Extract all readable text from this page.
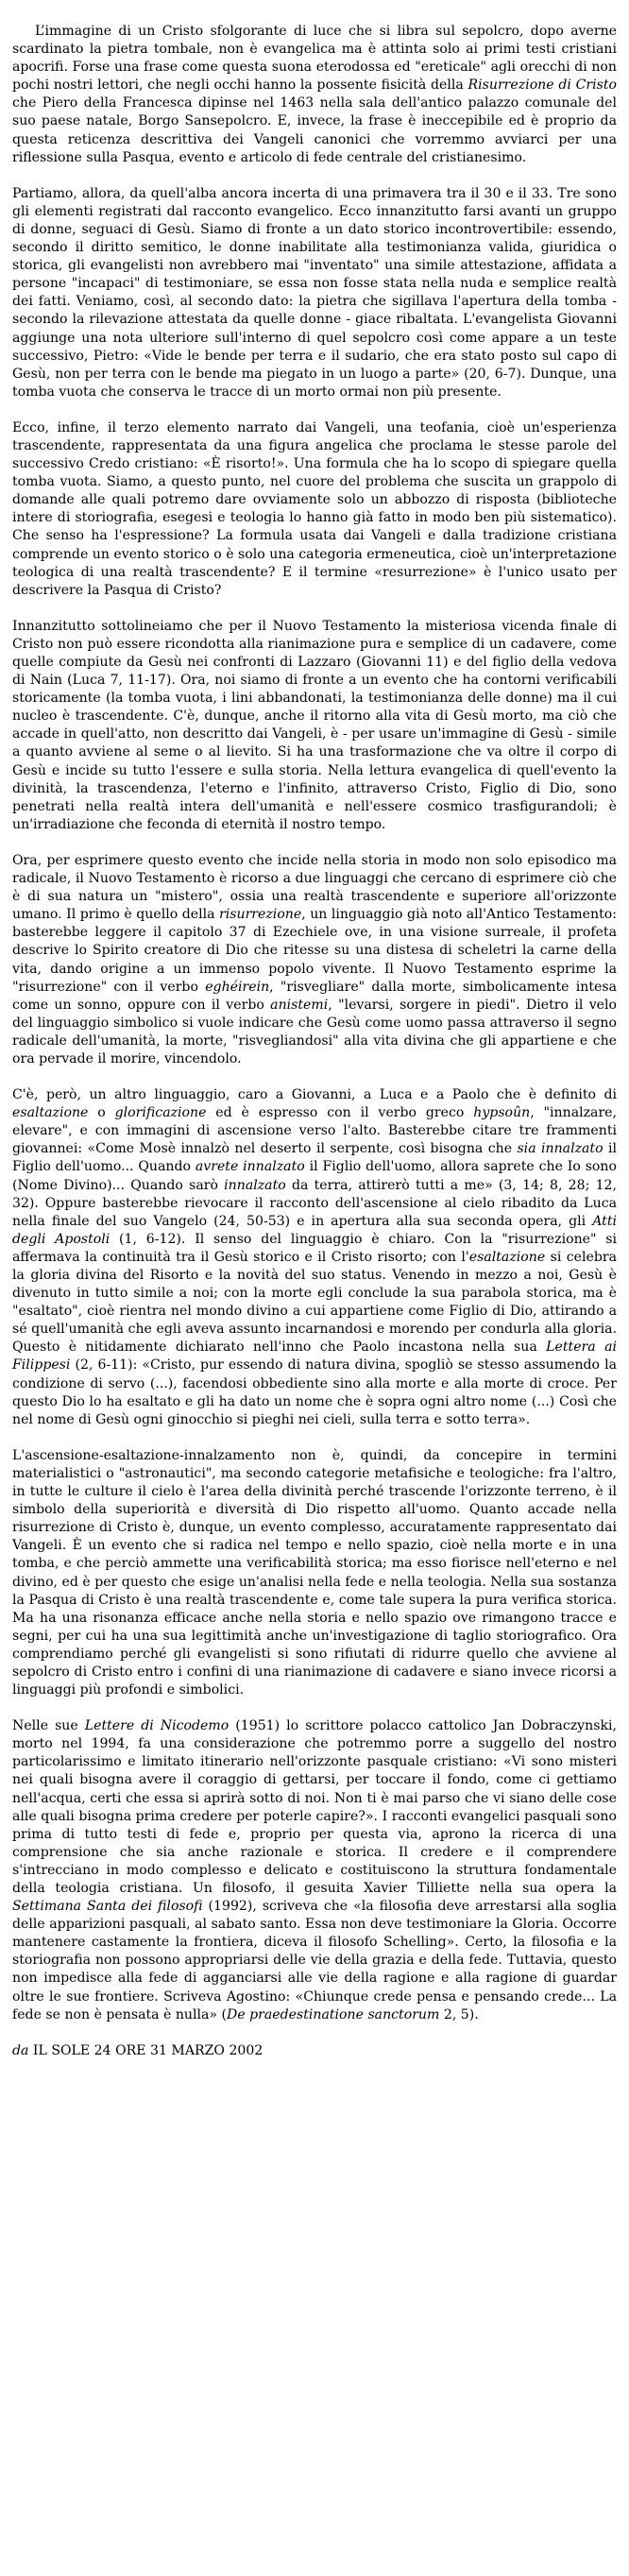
L’immagine di un Cristo sfolgorante di luce che si libra sul sepolcro, dopo averne scardinato la pietra tombale, non è evangelica ma è attinta solo ai primi testi cristiani apocrifi. Forse una frase come questa suona eterodossa ed "ereticale" agli orecchi di non pochi nostri lettori, che negli occhi hanno la possente fisicità della Risurrezione di Cristo che Piero della Francesca dipinse nel 1463 nella sala dell'antico palazzo comunale del suo paese natale, Borgo Sansepolcro. E, invece, la frase è ineccepibile ed è proprio da questa reticenza descrittiva dei Vangeli canonici che vorremmo avviarci per una riflessione sulla Pasqua, evento e articolo di fede centrale del cristianesimo.

Partiamo, allora, da quell'alba ancora incerta di una primavera tra il 30 e il 33. Tre sono gli elementi registrati dal racconto evangelico. Ecco innanzitutto farsi avanti un gruppo di donne, seguaci di Gesù. Siamo di fronte a un dato storico incontrovertibile: essendo, secondo il diritto semitico, le donne inabilitate alla testimonianza valida, giuridica o storica, gli evangelisti non avrebbero mai "inventato" una simile attestazione, affidata a persone "incapaci" di testimoniare, se essa non fosse stata nella nuda e semplice realtà dei fatti. Veniamo, così, al secondo dato: la pietra che sigillava l'apertura della tomba - secondo la rilevazione attestata da quelle donne - giace ribaltata. L'evangelista Giovanni aggiunge una nota ulteriore sull'interno di quel sepolcro così come appare a un teste successivo, Pietro: «Vide le bende per terra e il sudario, che era stato posto sul capo di Gesù, non per terra con le bende ma piegato in un luogo a parte» (20, 6-7). Dunque, una tomba vuota che conserva le tracce di un morto ormai non più presente.

Ecco, infine, il terzo elemento narrato dai Vangeli, una teofania, cioè un'esperienza trascendente, rappresentata da una figura angelica che proclama le stesse parole del successivo Credo cristiano: «È risorto!». Una formula che ha lo scopo di spiegare quella tomba vuota. Siamo, a questo punto, nel cuore del problema che suscita un grappolo di domande alle quali potremo dare ovviamente solo un abbozzo di risposta (biblioteche intere di storiografia, esegesi e teologia lo hanno già fatto in modo ben più sistematico). Che senso ha l'espressione? La formula usata dai Vangeli e dalla tradizione cristiana comprende un evento storico o è solo una categoria ermeneutica, cioè un'interpretazione teologica di una realtà trascendente? E il termine «resurrezione» è l'unico usato per descrivere la Pasqua di Cristo?

Innanzitutto sottolineiamo che per il Nuovo Testamento la misteriosa vicenda finale di Cristo non può essere ricondotta alla rianimazione pura e semplice di un cadavere, come quelle compiute da Gesù nei confronti di Lazzaro (Giovanni 11) e del figlio della vedova di Nain (Luca 7, 11-17). Ora, noi siamo di fronte a un evento che ha contorni verificabili storicamente (la tomba vuota, i lini abbandonati, la testimonianza delle donne) ma il cui nucleo è trascendente. C'è, dunque, anche il ritorno alla vita di Gesù morto, ma ciò che accade in quell'atto, non descritto dai Vangeli, è - per usare un'immagine di Gesù - simile a quanto avviene al seme o al lievito. Si ha una trasformazione che va oltre il corpo di Gesù e incide su tutto l'essere e sulla storia. Nella lettura evangelica di quell'evento la divinità, la trascendenza, l'eterno e l'infinito, attraverso Cristo, Figlio di Dio, sono penetrati nella realtà intera dell'umanità e nell'essere cosmico trasfigurandoli; è un'irradiazione che feconda di eternità il nostro tempo.

Ora, per esprimere questo evento che incide nella storia in modo non solo episodico ma radicale, il Nuovo Testamento è ricorso a due linguaggi che cercano di esprimere ciò che è di sua natura un "mistero", ossia una realtà trascendente e superiore all'orizzonte umano. Il primo è quello della risurrezione, un linguaggio già noto all'Antico Testamento: basterebbe leggere il capitolo 37 di Ezechiele ove, in una visione surreale, il profeta descrive lo Spirito creatore di Dio che ritesse su una distesa di scheletri la carne della vita, dando origine a un immenso popolo vivente. Il Nuovo Testamento esprime la "risurrezione" con il verbo eghéirein, "risvegliare" dalla morte, simbolicamente intesa come un sonno, oppure con il verbo anistemi, "levarsi, sorgere in piedi". Dietro il velo del linguaggio simbolico si vuole indicare che Gesù come uomo passa attraverso il segno radicale dell'umanità, la morte, "risvegliandosi" alla vita divina che gli appartiene e che ora pervade il morire, vincendolo.

C'è, però, un altro linguaggio, caro a Giovanni, a Luca e a Paolo che è definito di esaltazione o glorificazione ed è espresso con il verbo greco hypsoûn, "innalzare, elevare", e con immagini di ascensione verso l'alto. Basterebbe citare tre frammenti giovannei: «Come Mosè innalzò nel deserto il serpente, così bisogna che sia innalzato il Figlio dell'uomo... Quando avrete innalzato il Figlio dell'uomo, allora saprete che Io sono (Nome Divino)... Quando sarò innalzato da terra, attirerò tutti a me» (3, 14; 8, 28; 12, 32). Oppure basterebbe rievocare il racconto dell'ascensione al cielo ribadito da Luca nella finale del suo Vangelo (24, 50-53) e in apertura alla sua seconda opera, gli Atti degli Apostoli (1, 6-12). Il senso del linguaggio è chiaro. Con la "risurrezione" si affermava la continuità tra il Gesù storico e il Cristo risorto; con l'esaltazione si celebra la gloria divina del Risorto e la novità del suo status. Venendo in mezzo a noi, Gesù è divenuto in tutto simile a noi; con la morte egli conclude la sua parabola storica, ma è "esaltato", cioè rientra nel mondo divino a cui appartiene come Figlio di Dio, attirando a sé quell'umanità che egli aveva assunto incarnandosi e morendo per condurla alla gloria. Questo è nitidamente dichiarato nell'inno che Paolo incastona nella sua Lettera ai Filippesi (2, 6-11): «Cristo, pur essendo di natura divina, spogliò se stesso assumendo la condizione di servo (...), facendosi obbediente sino alla morte e alla morte di croce. Per questo Dio lo ha esaltato e gli ha dato un nome che è sopra ogni altro nome (...) Così che nel nome di Gesù ogni ginocchio si pieghi nei cieli, sulla terra e sotto terra».

L'ascensione-esaltazione-innalzamento non è, quindi, da concepire in termini materialistici o "astronautici", ma secondo categorie metafisiche e teologiche: fra l'altro, in tutte le culture il cielo è l'area della divinità perché trascende l'orizzonte terreno, è il simbolo della superiorità e diversità di Dio rispetto all'uomo. Quanto accade nella risurrezione di Cristo è, dunque, un evento complesso, accuratamente rappresentato dai Vangeli. È un evento che si radica nel tempo e nello spazio, cioè nella morte e in una tomba, e che perciò ammette una verificabilità storica; ma esso fiorisce nell'eterno e nel divino, ed è per questo che esige un'analisi nella fede e nella teologia. Nella sua sostanza la Pasqua di Cristo è una realtà trascendente e, come tale supera la pura verifica storica. Ma ha una risonanza efficace anche nella storia e nello spazio ove rimangono tracce e segni, per cui ha una sua legittimità anche un'investigazione di taglio storiografico. Ora comprendiamo perché gli evangelisti si sono rifiutati di ridurre quello che avviene al sepolcro di Cristo entro i confini di una rianimazione di cadavere e siano invece ricorsi a linguaggi più profondi e simbolici.

Nelle sue Lettere di Nicodemo (1951) lo scrittore polacco cattolico Jan Dobraczynski, morto nel 1994, fa una considerazione che potremmo porre a suggello del nostro particolarissimo e limitato itinerario nell'orizzonte pasquale cristiano: «Vi sono misteri nei quali bisogna avere il coraggio di gettarsi, per toccare il fondo, come ci gettiamo nell'acqua, certi che essa si aprirà sotto di noi. Non ti è mai parso che vi siano delle cose alle quali bisogna prima credere per poterle capire?». I racconti evangelici pasquali sono prima di tutto testi di fede e, proprio per questa via, aprono la ricerca di una comprensione che sia anche razionale e storica. Il credere e il comprendere s'intrecciano in modo complesso e delicato e costituiscono la struttura fondamentale della teologia cristiana. Un filosofo, il gesuita Xavier Tilliette nella sua opera la Settimana Santa dei filosofi (1992), scriveva che «la filosofia deve arrestarsi alla soglia delle apparizioni pasquali, al sabato santo. Essa non deve testimoniare la Gloria. Occorre mantenere castamente la frontiera, diceva il filosofo Schelling». Certo, la filosofia e la storiografia non possono appropriarsi delle vie della grazia e della fede. Tuttavia, questo non impedisce alla fede di agganciarsi alle vie della ragione e alla ragione di guardar oltre le sue frontiere. Scriveva Agostino: «Chiunque crede pensa e pensando crede... La fede se non è pensata è nulla» (De praedestinatione sanctorum 2, 5).

da IL SOLE 24 ORE 31 MARZO 2002
